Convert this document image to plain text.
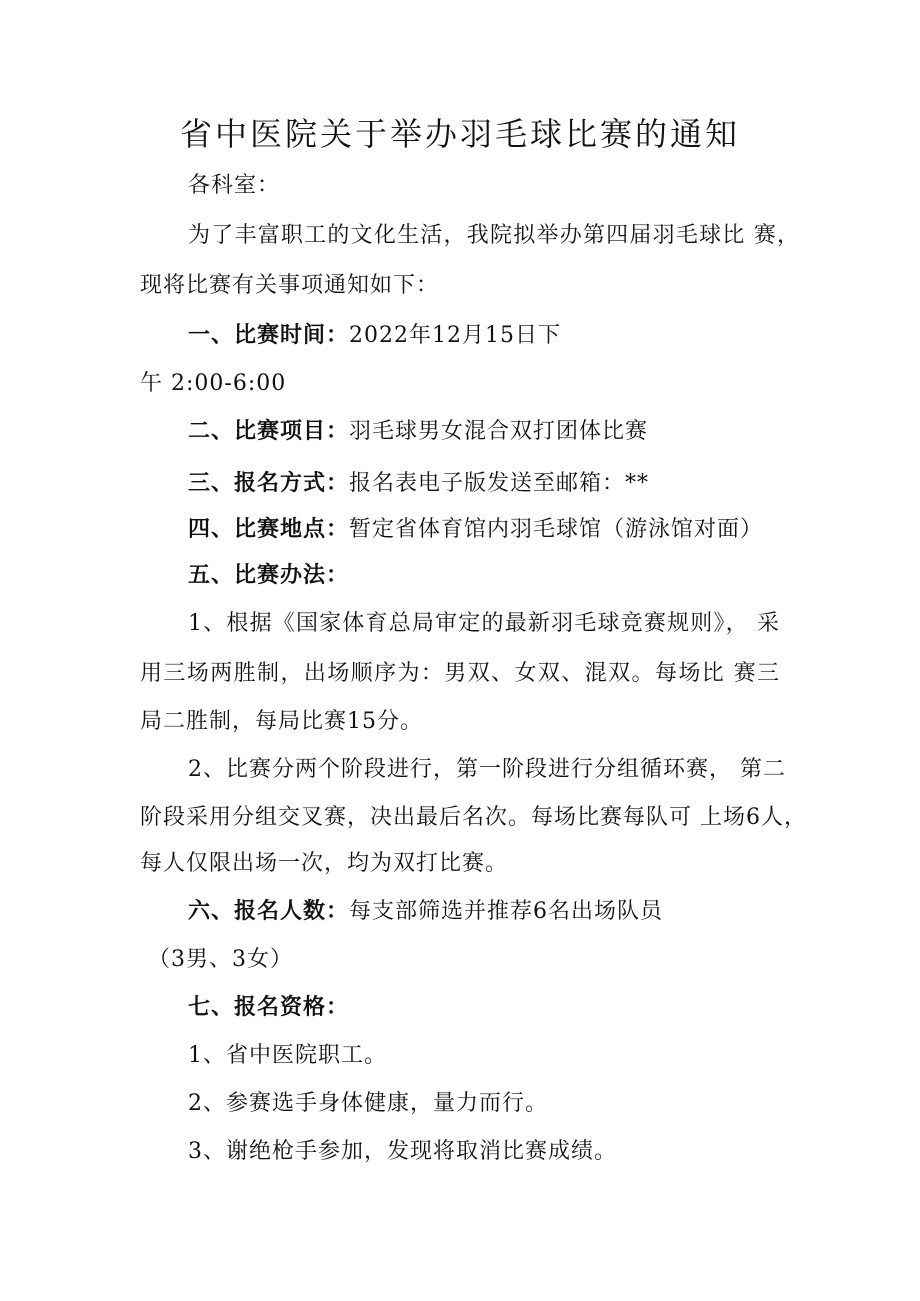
省中医院关于举办羽毛球比赛的通知
各科室：
为了丰富职工的文化生活，我院拟举办第四届羽毛球比 赛，
现将比赛有关事项通知如下：
一、比赛时间：2022年12月15日下
午 2:00-6:00
二、比赛项目：羽毛球男女混合双打团体比赛
三、报名方式：报名表电子版发送至邮箱：**
四、比赛地点：暂定省体育馆内羽毛球馆（游泳馆对面）
五、比赛办法：
1、根据《国家体育总局审定的最新羽毛球竞赛规则》， 采
用三场两胜制，出场顺序为：男双、女双、混双。每场比 赛三
局二胜制，每局比赛15分。
2、比赛分两个阶段进行，第一阶段进行分组循环赛， 第二
阶段采用分组交叉赛，决出最后名次。每场比赛每队可 上场6人，
每人仅限出场一次，均为双打比赛。
六、报名人数：每支部筛选并推荐6名出场队员
（3男、3女）
七、报名资格：
1、省中医院职工。
2、参赛选手身体健康，量力而行。
3、谢绝枪手参加，发现将取消比赛成绩。
